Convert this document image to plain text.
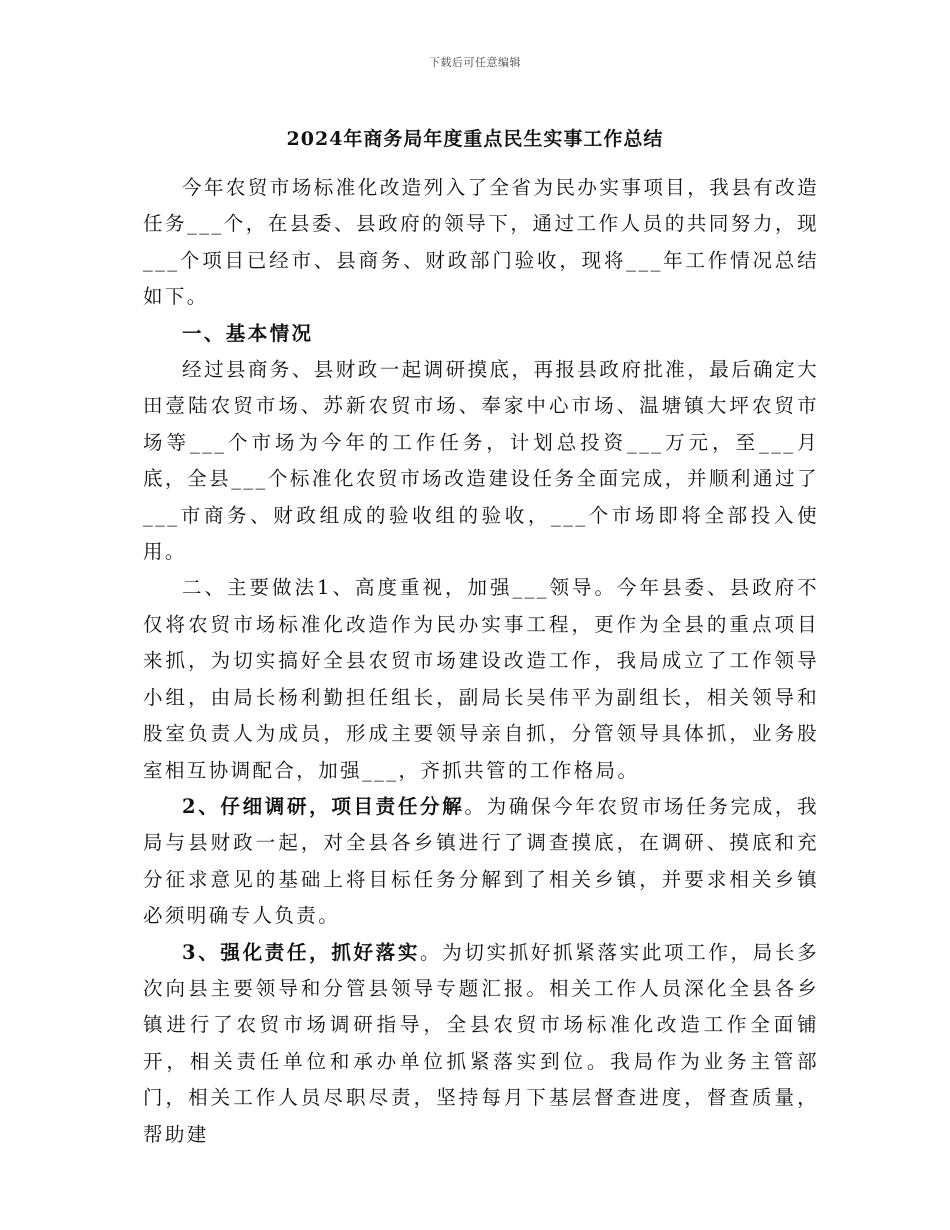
下载后可任意编辑
2024年商务局年度重点民生实事工作总结

今年农贸市场标准化改造列入了全省为民办实事项目，我县有改造任务___个，在县委、县政府的领导下，通过工作人员的共同努力，现___个项目已经市、县商务、财政部门验收，现将___年工作情况总结如下。

一、基本情况

经过县商务、县财政一起调研摸底，再报县政府批准，最后确定大田壹陆农贸市场、苏新农贸市场、奉家中心市场、温塘镇大坪农贸市场等___个市场为今年的工作任务，计划总投资___万元，至___月底，全县___个标准化农贸市场改造建设任务全面完成，并顺利通过了___市商务、财政组成的验收组的验收，___个市场即将全部投入使用。

二、主要做法1、高度重视，加强___领导。今年县委、县政府不仅将农贸市场标准化改造作为民办实事工程，更作为全县的重点项目来抓，为切实搞好全县农贸市场建设改造工作，我局成立了工作领导小组，由局长杨利勤担任组长，副局长吴伟平为副组长，相关领导和股室负责人为成员，形成主要领导亲自抓，分管领导具体抓，业务股室相互协调配合，加强___，齐抓共管的工作格局。

2、仔细调研，项目责任分解。为确保今年农贸市场任务完成，我局与县财政一起，对全县各乡镇进行了调查摸底，在调研、摸底和充分征求意见的基础上将目标任务分解到了相关乡镇，并要求相关乡镇必须明确专人负责。

3、强化责任，抓好落实。为切实抓好抓紧落实此项工作，局长多次向县主要领导和分管县领导专题汇报。相关工作人员深化全县各乡镇进行了农贸市场调研指导，全县农贸市场标准化改造工作全面铺开，相关责任单位和承办单位抓紧落实到位。我局作为业务主管部门，相关工作人员尽职尽责，坚持每月下基层督查进度，督查质量，帮助建
